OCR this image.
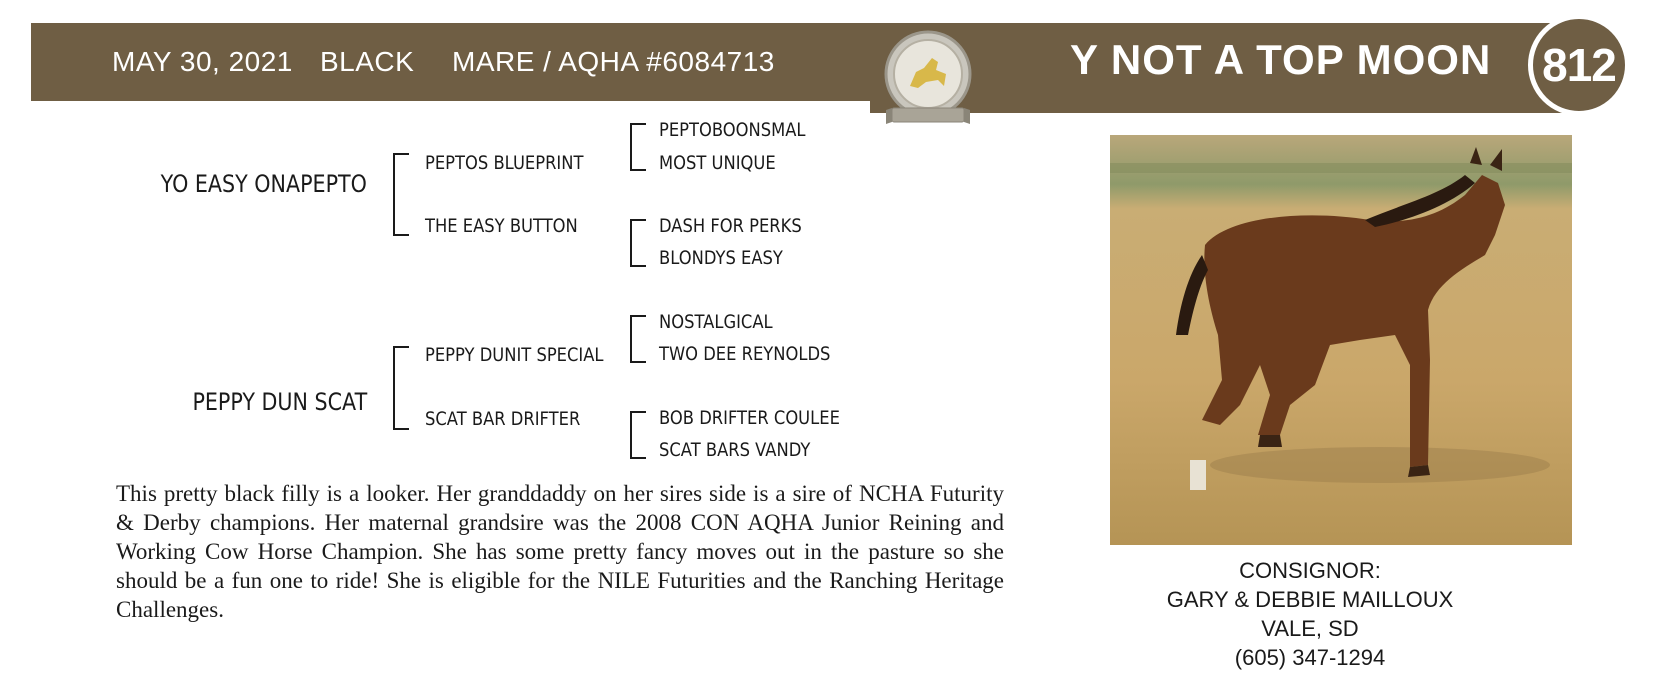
MAY 30, 2021 BLACK MARE / AQHA #6084713	Y NOT A TOP MOON	812
YO EASY ONAPEPTO
PEPTOS BLUEPRINT
THE EASY BUTTON
PEPTOBOONSMAL
MOST UNIQUE
DASH FOR PERKS
BLONDYS EASY
PEPPY DUN SCAT
PEPPY DUNIT SPECIAL
SCAT BAR DRIFTER
NOSTALGICAL
TWO DEE REYNOLDS
BOB DRIFTER COULEE
SCAT BARS VANDY
This pretty black filly is a looker. Her granddaddy on her sires side is a sire of NCHA Futurity & Derby champions. Her maternal grandsire was the 2008 CON AQHA Junior Reining and Working Cow Horse Champion. She has some pretty fancy moves out in the pasture so she should be a fun one to ride! She is eligible for the NILE Futurities and the Ranching Heritage Challenges.
CONSIGNOR:
GARY & DEBBIE MAILLOUX
VALE, SD
(605) 347-1294
